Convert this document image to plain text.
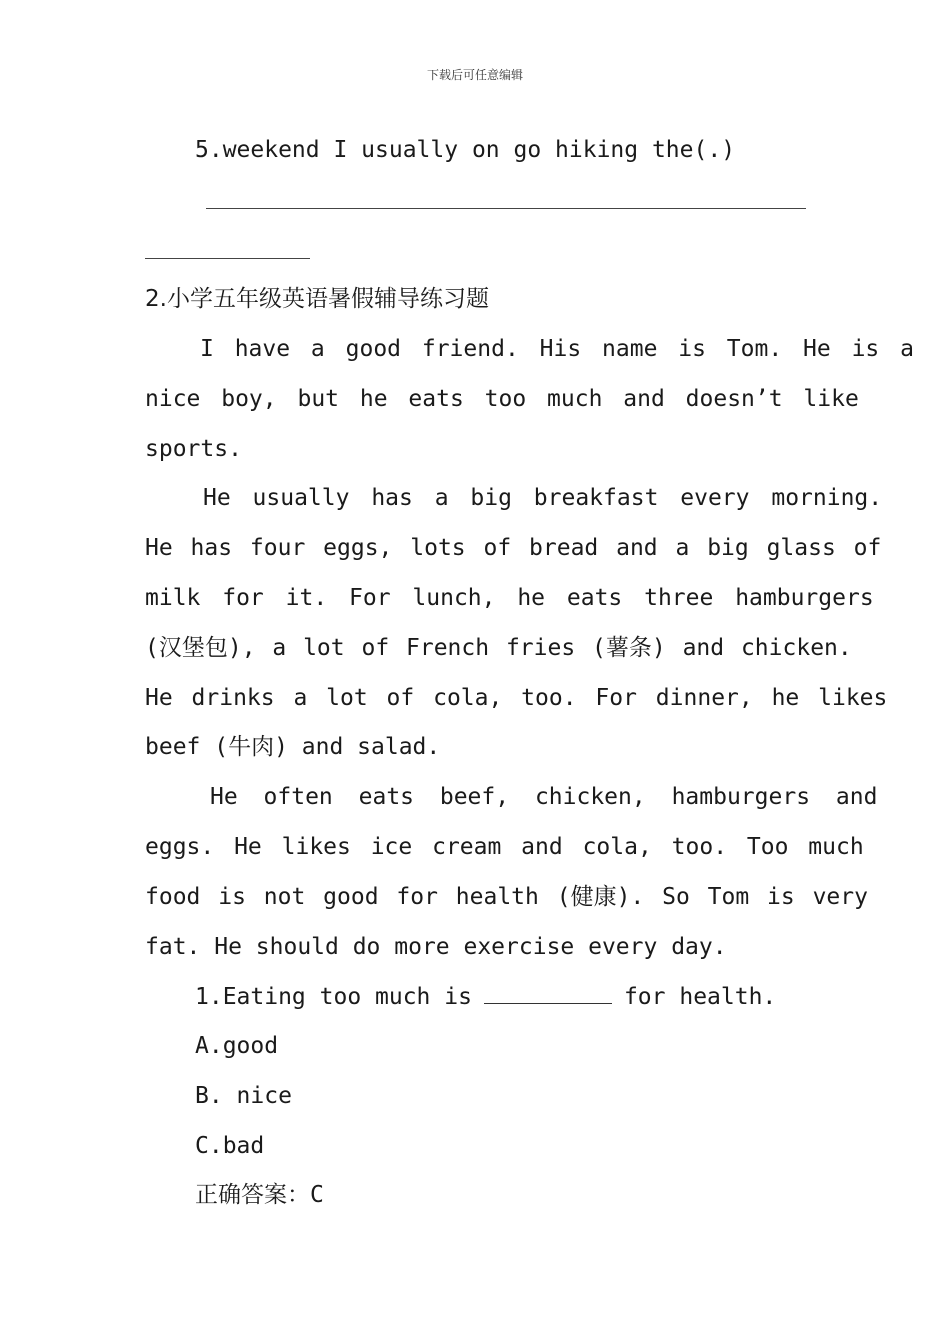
下载后可任意编辑
5.weekend I usually on go hiking the(.)
2.小学五年级英语暑假辅导练习题
I have a good friend. His name is Tom. He is a
nice boy, but he eats too much and doesn’t like
sports.
He usually has a big breakfast every morning.
He has four eggs, lots of bread and a big glass of
milk for it. For lunch, he eats three hamburgers
(汉堡包), a lot of French fries (薯条) and chicken.
He drinks a lot of cola, too. For dinner, he likes
beef (牛肉) and salad.
He often eats beef, chicken, hamburgers and
eggs. He likes ice cream and cola, too. Too much
food is not good for health (健康). So Tom is very
fat. He should do more exercise every day.
1.Eating too much is	for health.
A.good
B. nice
C.bad
正确答案：C
